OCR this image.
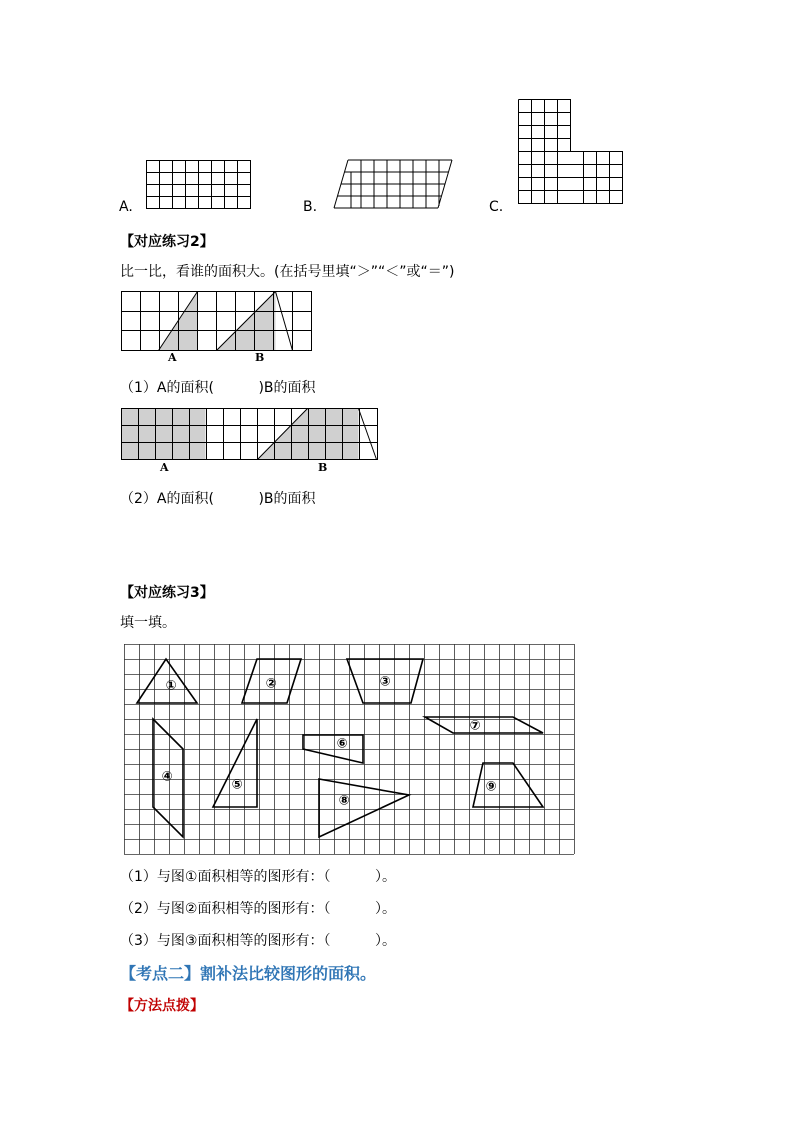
A.	B.	C.
【对应练习2】
比一比，看谁的面积大。(在括号里填“＞”“＜”或“＝”)
A	B
（1）A的面积(          )B的面积
A	B
（2）A的面积(          )B的面积
【对应练习3】
填一填。
①	②	③
④
⑤
⑥
⑦
⑧
⑨
（1）与图①面积相等的图形有：（          ）。
（2）与图②面积相等的图形有：（          ）。
（3）与图③面积相等的图形有：（          ）。
【考点二】割补法比较图形的面积。
【方法点拨】
